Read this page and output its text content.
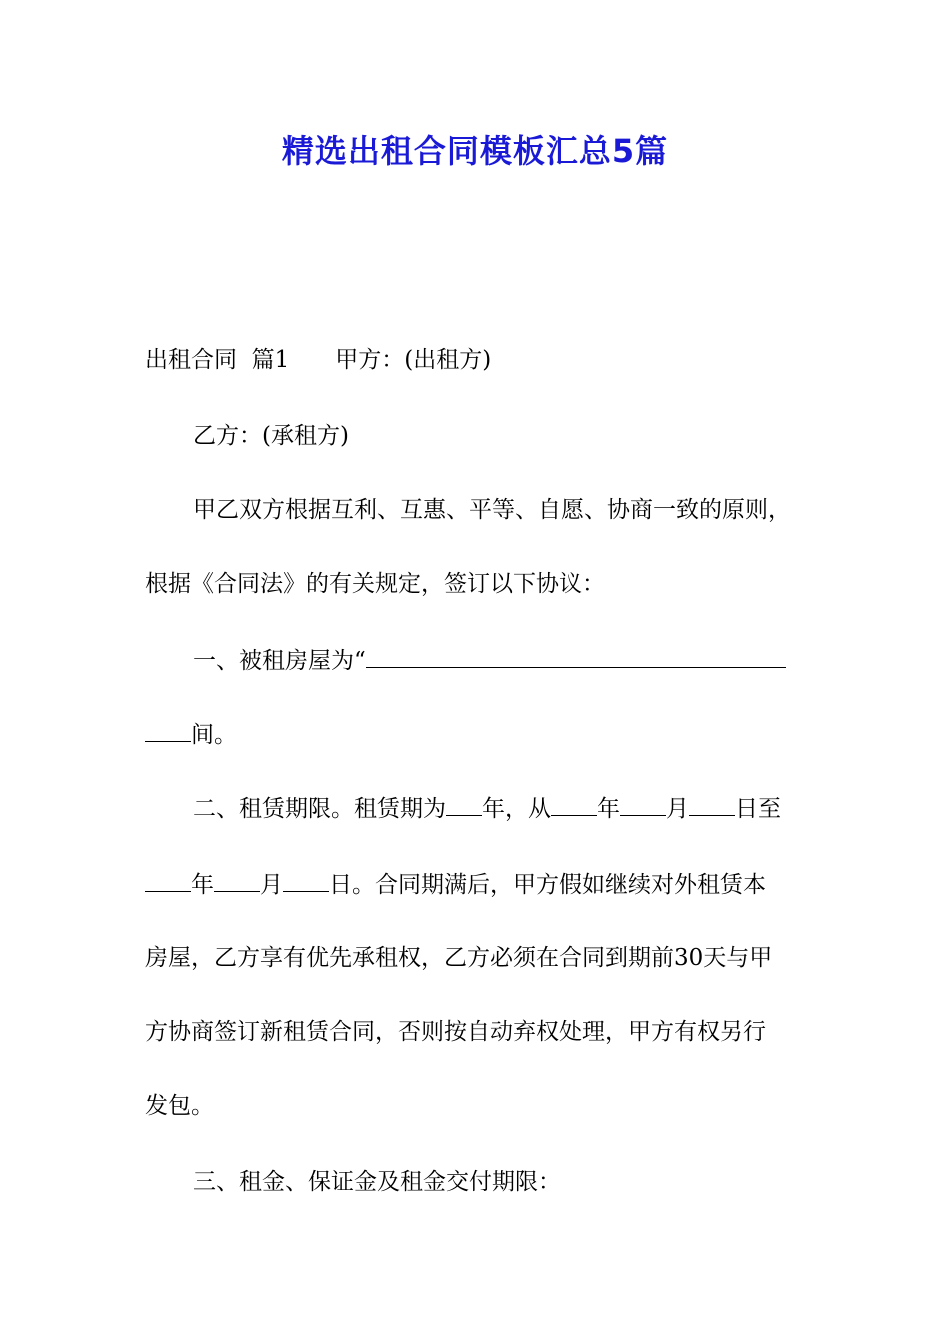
精选出租合同模板汇总5篇
出租合同  篇1 甲方：(出租方)
乙方：(承租方)
甲乙双方根据互利、互惠、平等、自愿、协商一致的原则，
根据《合同法》的有关规定，签订以下协议：
一、被租房屋为“
间。
二、租赁期限。租赁期为 年，从 年 月 日至
年 月 日。合同期满后，甲方假如继续对外租赁本
房屋，乙方享有优先承租权，乙方必须在合同到期前30天与甲
方协商签订新租赁合同，否则按自动弃权处理，甲方有权另行
发包。
三、租金、保证金及租金交付期限：
